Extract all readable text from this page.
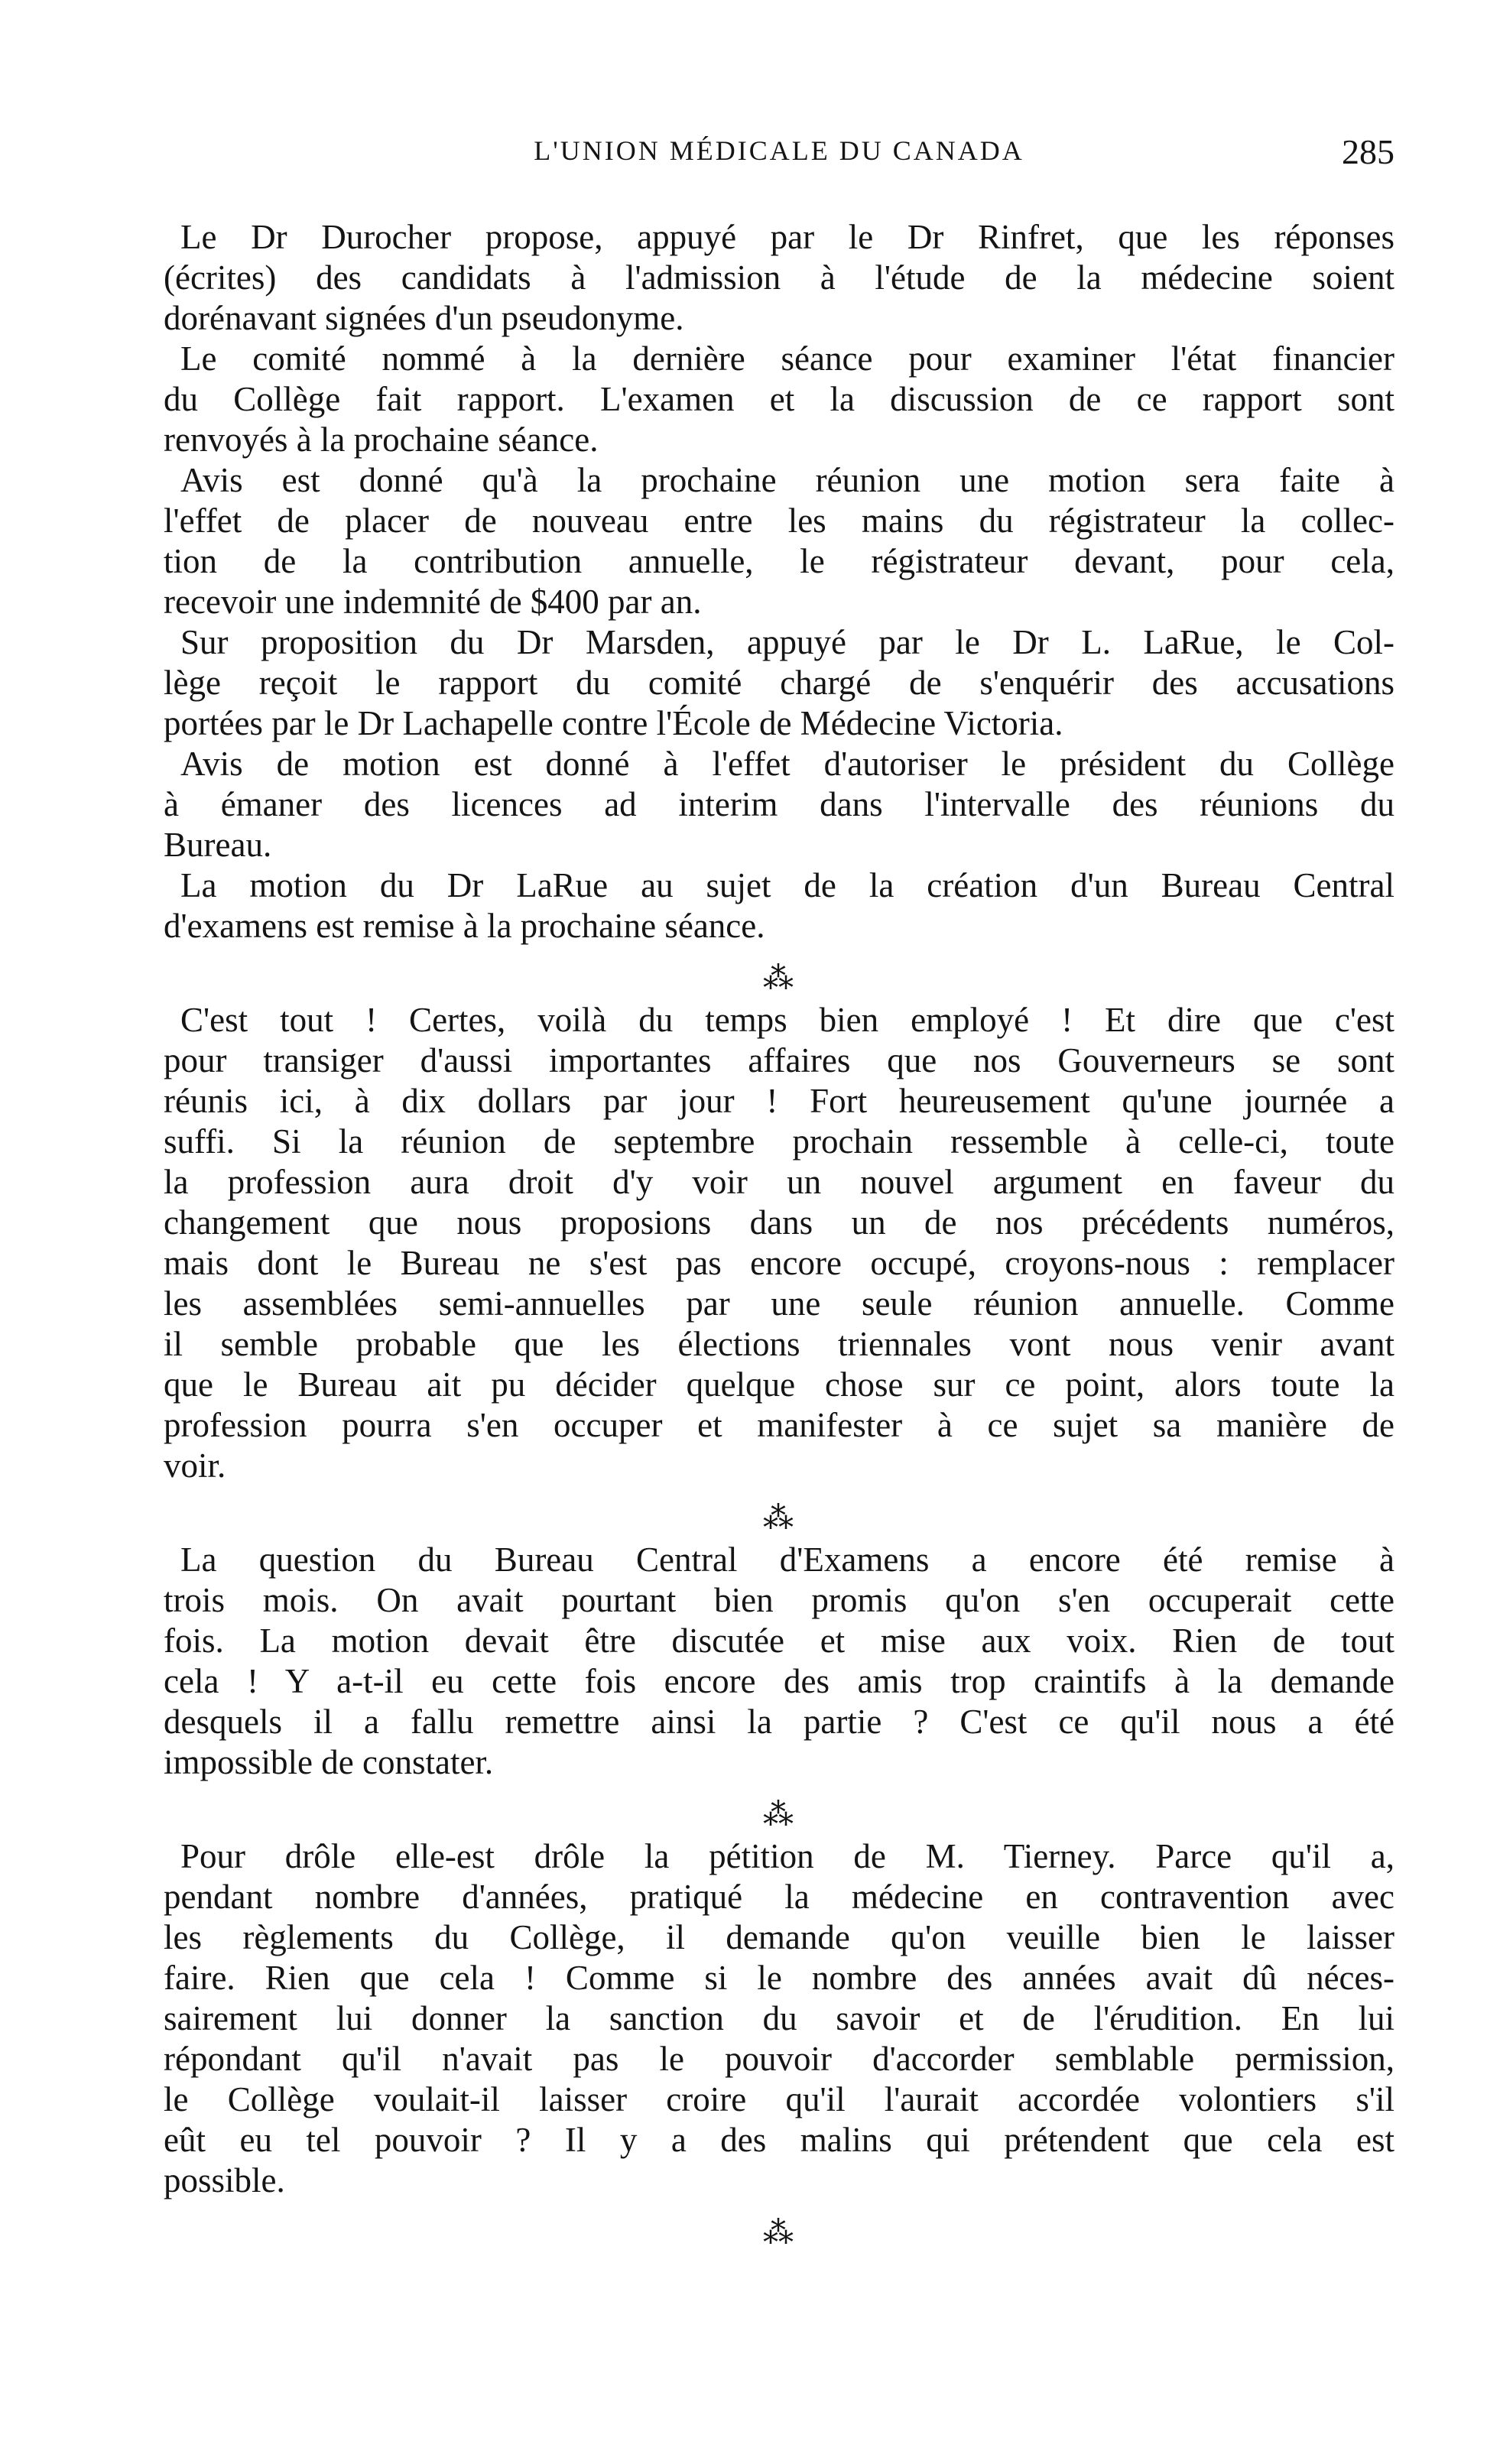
L'UNION MÉDICALE DU CANADA	285
Le Dr Durocher propose, appuyé par le Dr Rinfret, que les réponses
(écrites) des candidats à l'admission à l'étude de la médecine soient
dorénavant signées d'un pseudonyme.
Le comité nommé à la dernière séance pour examiner l'état financier
du Collège fait rapport. L'examen et la discussion de ce rapport sont
renvoyés à la prochaine séance.
Avis est donné qu'à la prochaine réunion une motion sera faite à
l'effet de placer de nouveau entre les mains du régistrateur la collec-
tion de la contribution annuelle, le régistrateur devant, pour cela,
recevoir une indemnité de $400 par an.
Sur proposition du Dr Marsden, appuyé par le Dr L. LaRue, le Col-
lège reçoit le rapport du comité chargé de s'enquérir des accusations
portées par le Dr Lachapelle contre l'École de Médecine Victoria.
Avis de motion est donné à l'effet d'autoriser le président du Collège
à émaner des licences ad interim dans l'intervalle des réunions du
Bureau.
La motion du Dr LaRue au sujet de la création d'un Bureau Central
d'examens est remise à la prochaine séance.
⁂
C'est tout ! Certes, voilà du temps bien employé ! Et dire que c'est
pour transiger d'aussi importantes affaires que nos Gouverneurs se sont
réunis ici, à dix dollars par jour ! Fort heureusement qu'une journée a
suffi. Si la réunion de septembre prochain ressemble à celle-ci, toute
la profession aura droit d'y voir un nouvel argument en faveur du
changement que nous proposions dans un de nos précédents numéros,
mais dont le Bureau ne s'est pas encore occupé, croyons-nous : remplacer
les assemblées semi-annuelles par une seule réunion annuelle. Comme
il semble probable que les élections triennales vont nous venir avant
que le Bureau ait pu décider quelque chose sur ce point, alors toute la
profession pourra s'en occuper et manifester à ce sujet sa manière de
voir.
⁂
La question du Bureau Central d'Examens a encore été remise à
trois mois. On avait pourtant bien promis qu'on s'en occuperait cette
fois. La motion devait être discutée et mise aux voix. Rien de tout
cela ! Y a-t-il eu cette fois encore des amis trop craintifs à la demande
desquels il a fallu remettre ainsi la partie ? C'est ce qu'il nous a été
impossible de constater.
⁂
Pour drôle elle-est drôle la pétition de M. Tierney. Parce qu'il a,
pendant nombre d'années, pratiqué la médecine en contravention avec
les règlements du Collège, il demande qu'on veuille bien le laisser
faire. Rien que cela ! Comme si le nombre des années avait dû néces-
sairement lui donner la sanction du savoir et de l'érudition. En lui
répondant qu'il n'avait pas le pouvoir d'accorder semblable permission,
le Collège voulait-il laisser croire qu'il l'aurait accordée volontiers s'il
eût eu tel pouvoir ? Il y a des malins qui prétendent que cela est
possible.
⁂
